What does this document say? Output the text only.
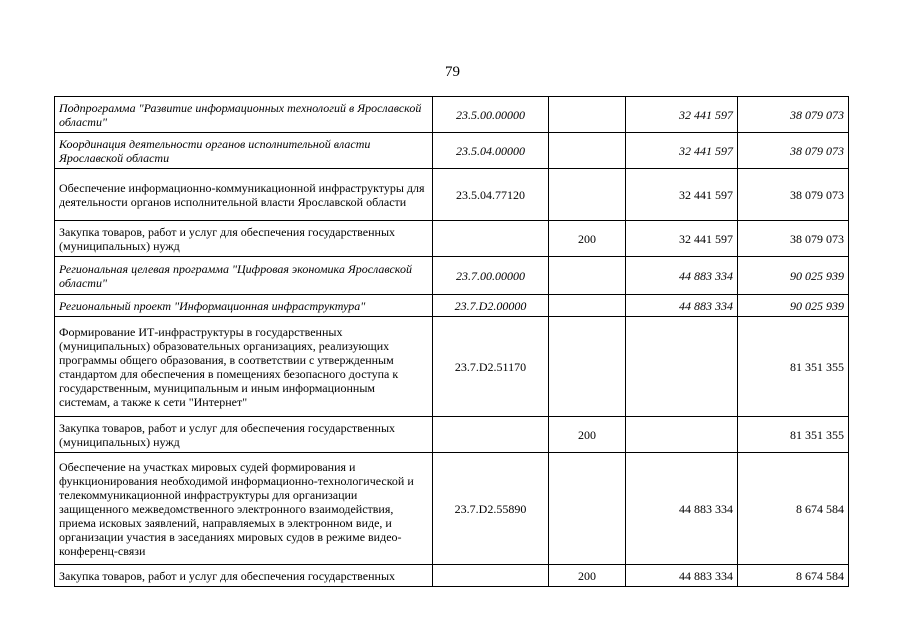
79
Подпрограмма "Развитие информационных технологий в Ярославской области"	23.5.00.00000		32 441 597	38 079 073
Координация деятельности органов исполнительной власти Ярославской области	23.5.04.00000		32 441 597	38 079 073
Обеспечение информационно-коммуникационной инфраструктуры для деятельности органов исполнительной власти Ярославской области	23.5.04.77120		32 441 597	38 079 073
Закупка товаров, работ и услуг для обеспечения государственных (муниципальных) нужд		200	32 441 597	38 079 073
Региональная целевая программа "Цифровая экономика Ярославской области"	23.7.00.00000		44 883 334	90 025 939
Региональный проект "Информационная инфраструктура"	23.7.D2.00000		44 883 334	90 025 939
Формирование ИТ-инфраструктуры в государственных (муниципальных) образовательных организациях, реализующих программы общего образования, в соответствии с утвержденным стандартом для обеспечения в помещениях безопасного доступа к государственным, муниципальным и иным информационным системам, а также к сети "Интернет"	23.7.D2.51170			81 351 355
Закупка товаров, работ и услуг для обеспечения государственных (муниципальных) нужд		200		81 351 355
Обеспечение на участках мировых судей формирования и функционирования необходимой информационно-технологической и телекоммуникационной инфраструктуры для организации защищенного межведомственного электронного взаимодействия, приема исковых заявлений, направляемых в электронном виде, и организации участия в заседаниях мировых судов в режиме видео-конференц-связи	23.7.D2.55890		44 883 334	8 674 584
Закупка товаров, работ и услуг для обеспечения государственных		200	44 883 334	8 674 584
